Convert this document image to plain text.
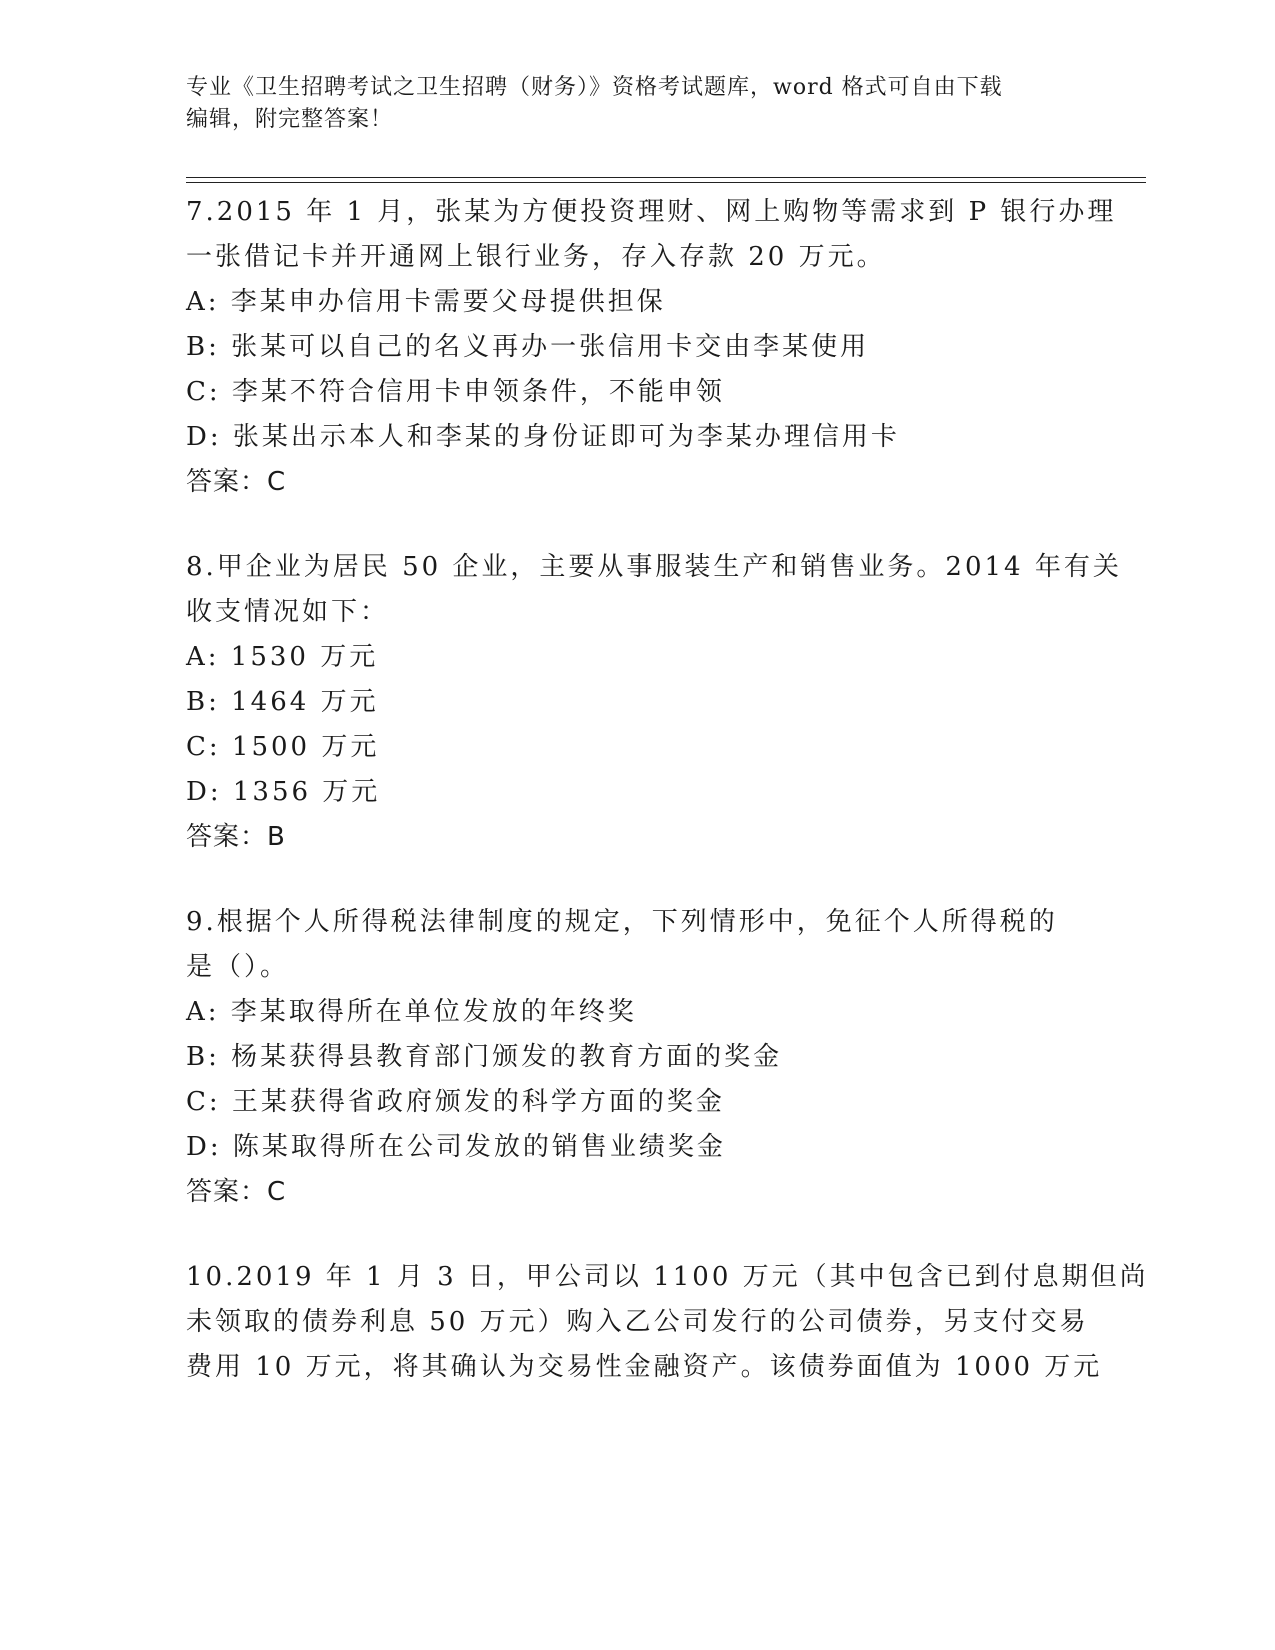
专业《卫生招聘考试之卫生招聘（财务）》资格考试题库，word 格式可自由下载
编辑，附完整答案！
7.2015 年 1 月，张某为方便投资理财、网上购物等需求到 P 银行办理
一张借记卡并开通网上银行业务，存入存款 20 万元。
A: 李某申办信用卡需要父母提供担保
B: 张某可以自己的名义再办一张信用卡交由李某使用
C: 李某不符合信用卡申领条件，不能申领
D: 张某出示本人和李某的身份证即可为李某办理信用卡
答案：C
8.甲企业为居民 50 企业，主要从事服装生产和销售业务。2014 年有关
收支情况如下：
A: 1530 万元
B: 1464 万元
C: 1500 万元
D: 1356 万元
答案：B
9.根据个人所得税法律制度的规定，下列情形中，免征个人所得税的
是（）。
A: 李某取得所在单位发放的年终奖
B: 杨某获得县教育部门颁发的教育方面的奖金
C: 王某获得省政府颁发的科学方面的奖金
D: 陈某取得所在公司发放的销售业绩奖金
答案：C
10.2019 年 1 月 3 日，甲公司以 1100 万元（其中包含已到付息期但尚
未领取的债券利息 50 万元）购入乙公司发行的公司债券，另支付交易
费用 10 万元，将其确认为交易性金融资产。该债券面值为 1000 万元
